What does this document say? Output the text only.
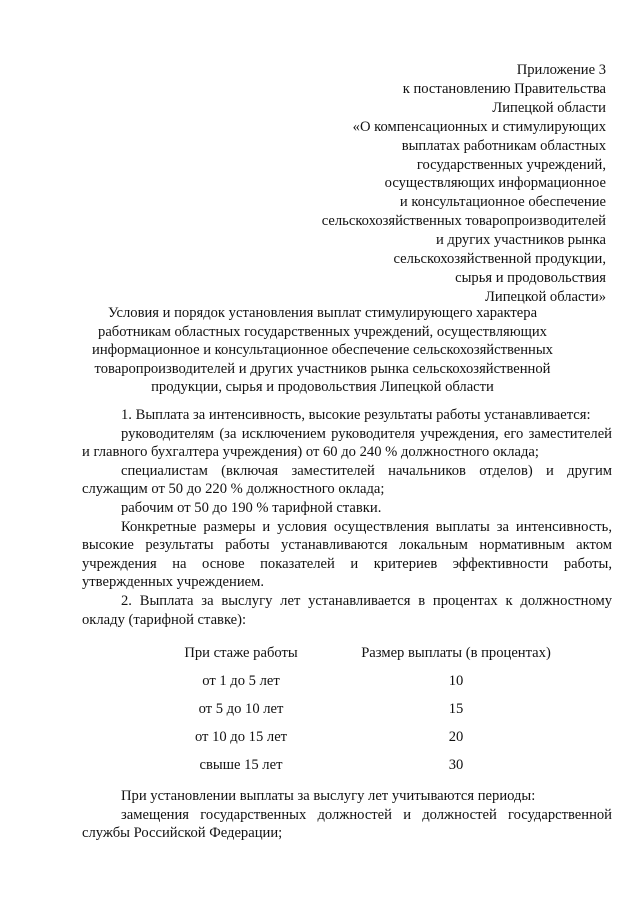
Приложение 3
к постановлению Правительства
Липецкой области
«О компенсационных и стимулирующих
выплатах работникам областных
государственных учреждений,
осуществляющих информационное
и консультационное обеспечение
сельскохозяйственных товаропроизводителей
и других участников рынка
сельскохозяйственной продукции,
сырья и продовольствия
Липецкой области»
Условия и порядок установления выплат стимулирующего характера
работникам областных государственных учреждений, осуществляющих
информационное и консультационное обеспечение сельскохозяйственных
товаропроизводителей и других участников рынка сельскохозяйственной
продукции, сырья и продовольствия Липецкой области

1. Выплата за интенсивность, высокие результаты работы устанавливается:

руководителям (за исключением руководителя учреждения, его заместителей и главного бухгалтера учреждения) от 60 до 240 % должностного оклада;

специалистам (включая заместителей начальников отделов) и другим служащим от 50 до 220 % должностного оклада;

рабочим от 50 до 190 % тарифной ставки.

Конкретные размеры и условия осуществления выплаты за интенсивность, высокие результаты работы устанавливаются локальным нормативным актом учреждения на основе показателей и критериев эффективности работы, утвержденных учреждением.

2. Выплата за выслугу лет устанавливается в процентах к должностному окладу (тарифной ставке):

При стаже работы	Размер выплаты (в процентах)
от 1 до 5 лет	10
от 5 до 10 лет	15
от 10 до 15 лет	20
свыше 15 лет	30

При установлении выплаты за выслугу лет учитываются периоды:

замещения государственных должностей и должностей государственной службы Российской Федерации;
